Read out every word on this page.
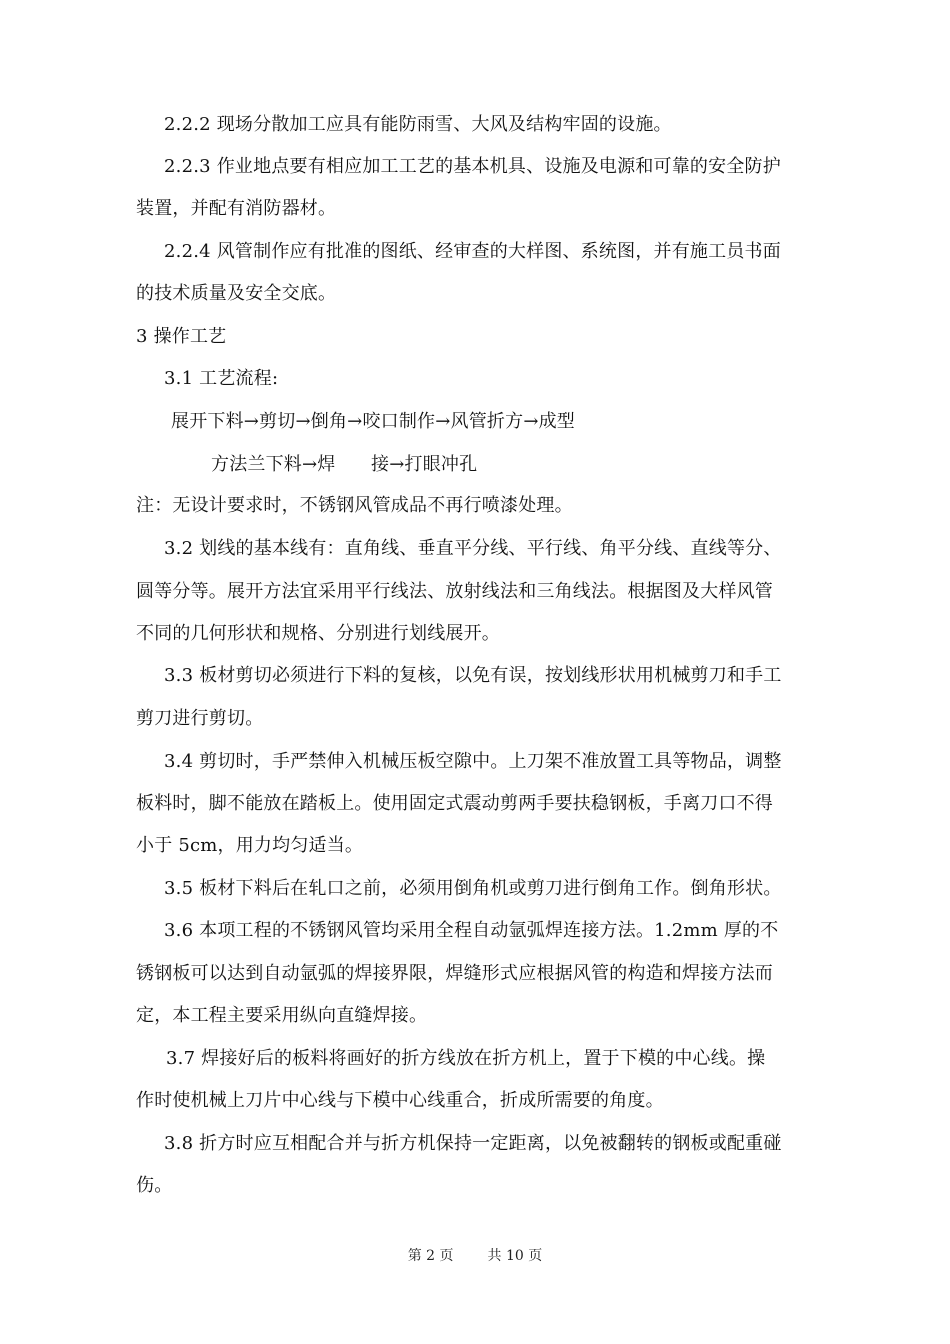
2.2.2 现场分散加工应具有能防雨雪、大风及结构牢固的设施。
2.2.3 作业地点要有相应加工工艺的基本机具、设施及电源和可靠的安全防护
装置，并配有消防器材。
2.2.4 风管制作应有批准的图纸、经审查的大样图、系统图，并有施工员书面
的技术质量及安全交底。
3 操作工艺
3.1 工艺流程:
展开下料→剪切→倒角→咬口制作→风管折方→成型
方法兰下料→焊      接→打眼冲孔
注：无设计要求时，不锈钢风管成品不再行喷漆处理。
3.2 划线的基本线有：直角线、垂直平分线、平行线、角平分线、直线等分、
圆等分等。展开方法宜采用平行线法、放射线法和三角线法。根据图及大样风管
不同的几何形状和规格、分别进行划线展开。
3.3 板材剪切必须进行下料的复核，以免有误，按划线形状用机械剪刀和手工
剪刀进行剪切。
3.4 剪切时，手严禁伸入机械压板空隙中。上刀架不准放置工具等物品，调整
板料时，脚不能放在踏板上。使用固定式震动剪两手要扶稳钢板，手离刀口不得
小于 5cm，用力均匀适当。
3.5 板材下料后在轧口之前，必须用倒角机或剪刀进行倒角工作。倒角形状。
3.6 本项工程的不锈钢风管均采用全程自动氩弧焊连接方法。1.2mm 厚的不
锈钢板可以达到自动氩弧的焊接界限，焊缝形式应根据风管的构造和焊接方法而
定，本工程主要采用纵向直缝焊接。
3.7 焊接好后的板料将画好的折方线放在折方机上，置于下模的中心线。操
作时使机械上刀片中心线与下模中心线重合，折成所需要的角度。
3.8 折方时应互相配合并与折方机保持一定距离，以免被翻转的钢板或配重碰
伤。
第 2 页 共 10 页
